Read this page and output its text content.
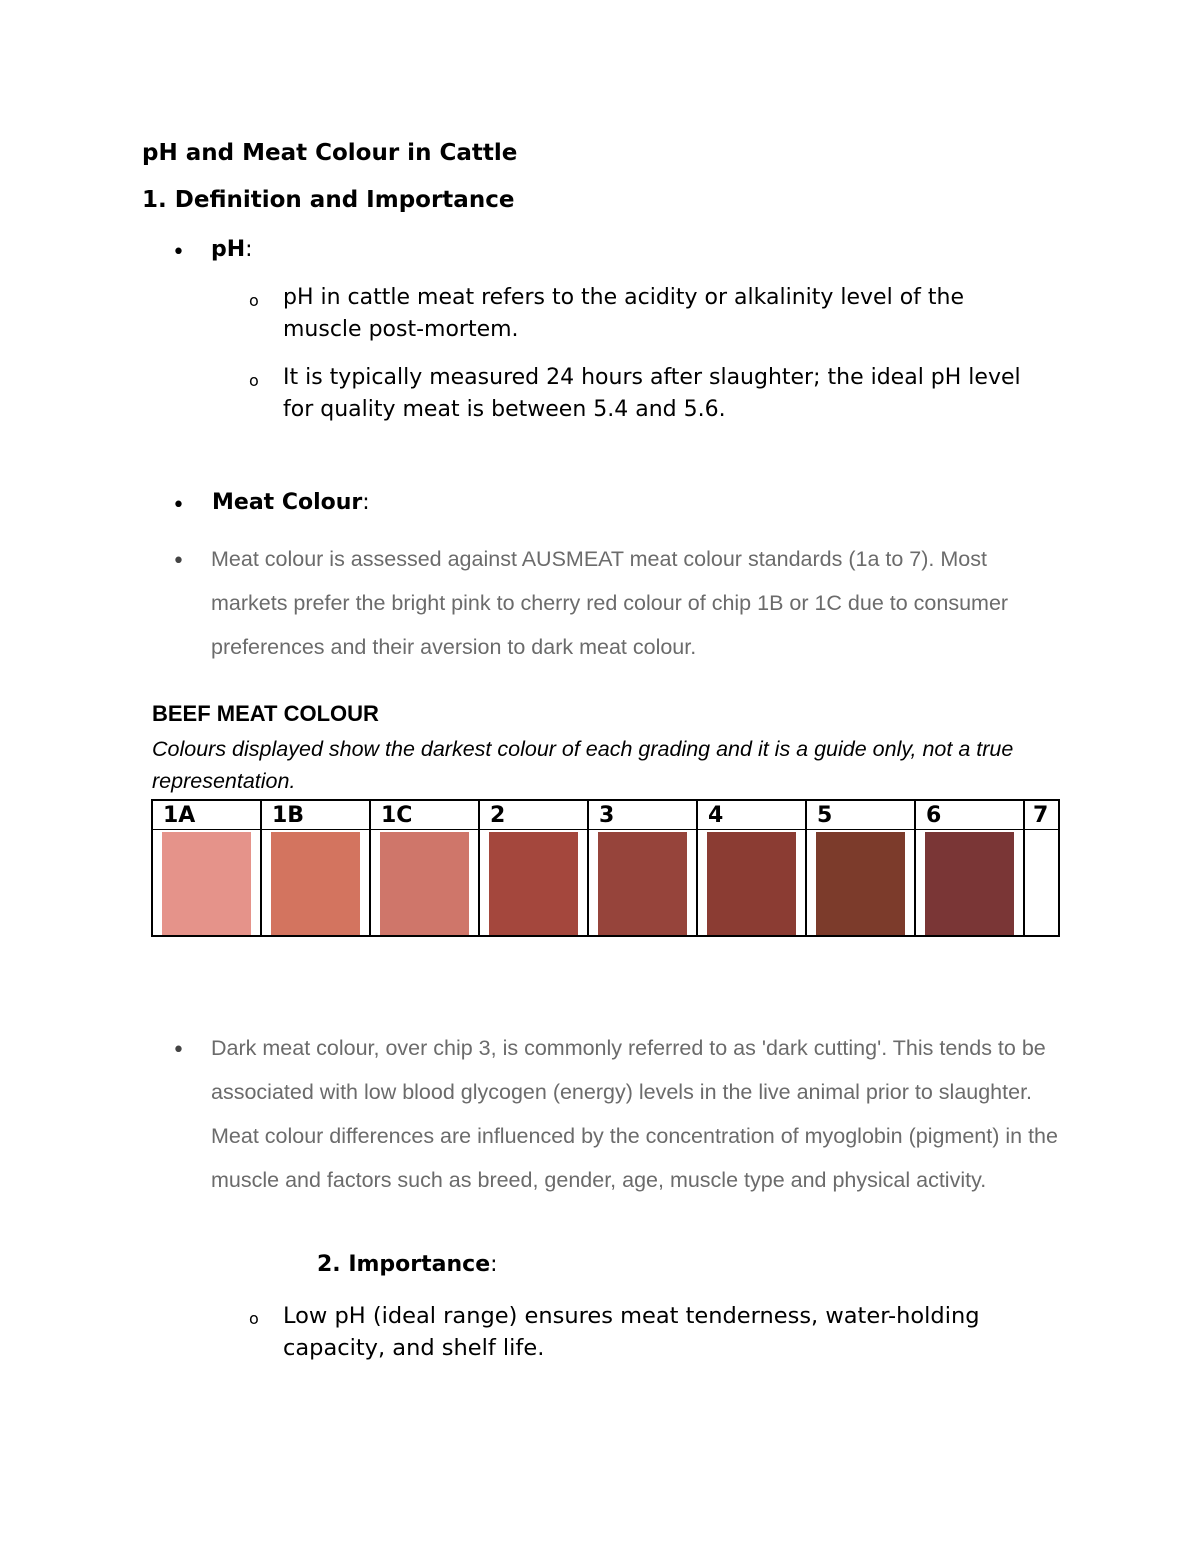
pH and Meat Colour in Cattle
1. Definition and Importance
• pH:
o pH in cattle meat refers to the acidity or alkalinity level of the muscle post-mortem.
o It is typically measured 24 hours after slaughter; the ideal pH level for quality meat is between 5.4 and 5.6.
• Meat Colour:
• Meat colour is assessed against AUSMEAT meat colour standards (1a to 7). Most markets prefer the bright pink to cherry red colour of chip 1B or 1C due to consumer preferences and their aversion to dark meat colour.
BEEF MEAT COLOUR
Colours displayed show the darkest colour of each grading and it is a guide only, not a true representation.
1A	1B	1C	2	3	4	5	6	7
• Dark meat colour, over chip 3, is commonly referred to as 'dark cutting'. This tends to be associated with low blood glycogen (energy) levels in the live animal prior to slaughter. Meat colour differences are influenced by the concentration of myoglobin (pigment) in the muscle and factors such as breed, gender, age, muscle type and physical activity.
2. Importance:
o Low pH (ideal range) ensures meat tenderness, water-holding capacity, and shelf life.
